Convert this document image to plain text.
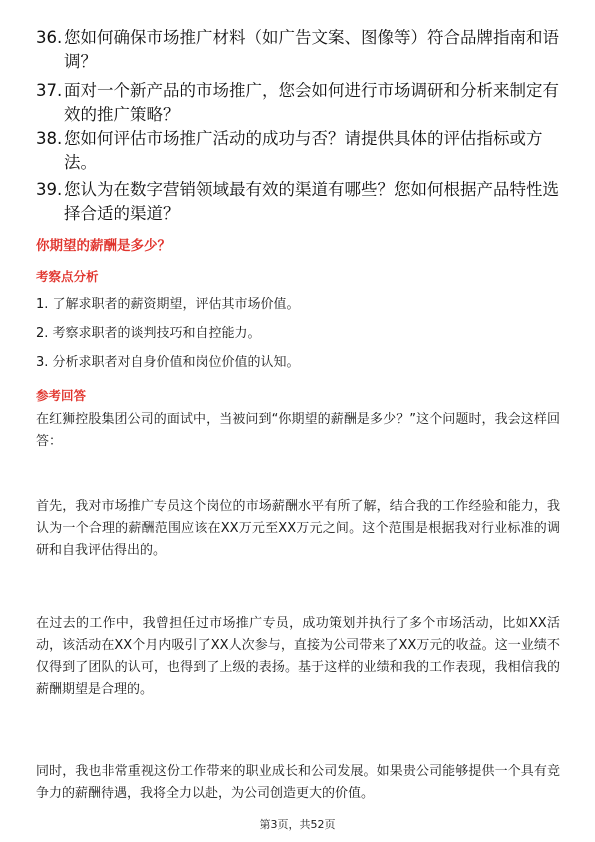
36. 您如何确保市场推广材料（如广告文案、图像等）符合品牌指南和语调？
37. 面对一个新产品的市场推广，您会如何进行市场调研和分析来制定有效的推广策略？
38. 您如何评估市场推广活动的成功与否？请提供具体的评估指标或方法。
39. 您认为在数字营销领域最有效的渠道有哪些？您如何根据产品特性选择合适的渠道？
你期望的薪酬是多少？
考察点分析
1. 了解求职者的薪资期望，评估其市场价值。
2. 考察求职者的谈判技巧和自控能力。
3. 分析求职者对自身价值和岗位价值的认知。
参考回答
在红狮控股集团公司的面试中，当被问到“你期望的薪酬是多少？”这个问题时，我会这样回答：
首先，我对市场推广专员这个岗位的市场薪酬水平有所了解，结合我的工作经验和能力，我认为一个合理的薪酬范围应该在XX万元至XX万元之间。这个范围是根据我对行业标准的调研和自我评估得出的。
在过去的工作中，我曾担任过市场推广专员，成功策划并执行了多个市场活动，比如XX活动，该活动在XX个月内吸引了XX人次参与，直接为公司带来了XX万元的收益。这一业绩不仅得到了团队的认可，也得到了上级的表扬。基于这样的业绩和我的工作表现，我相信我的薪酬期望是合理的。
同时，我也非常重视这份工作带来的职业成长和公司发展。如果贵公司能够提供一个具有竞争力的薪酬待遇，我将全力以赴，为公司创造更大的价值。
第3页，共52页
